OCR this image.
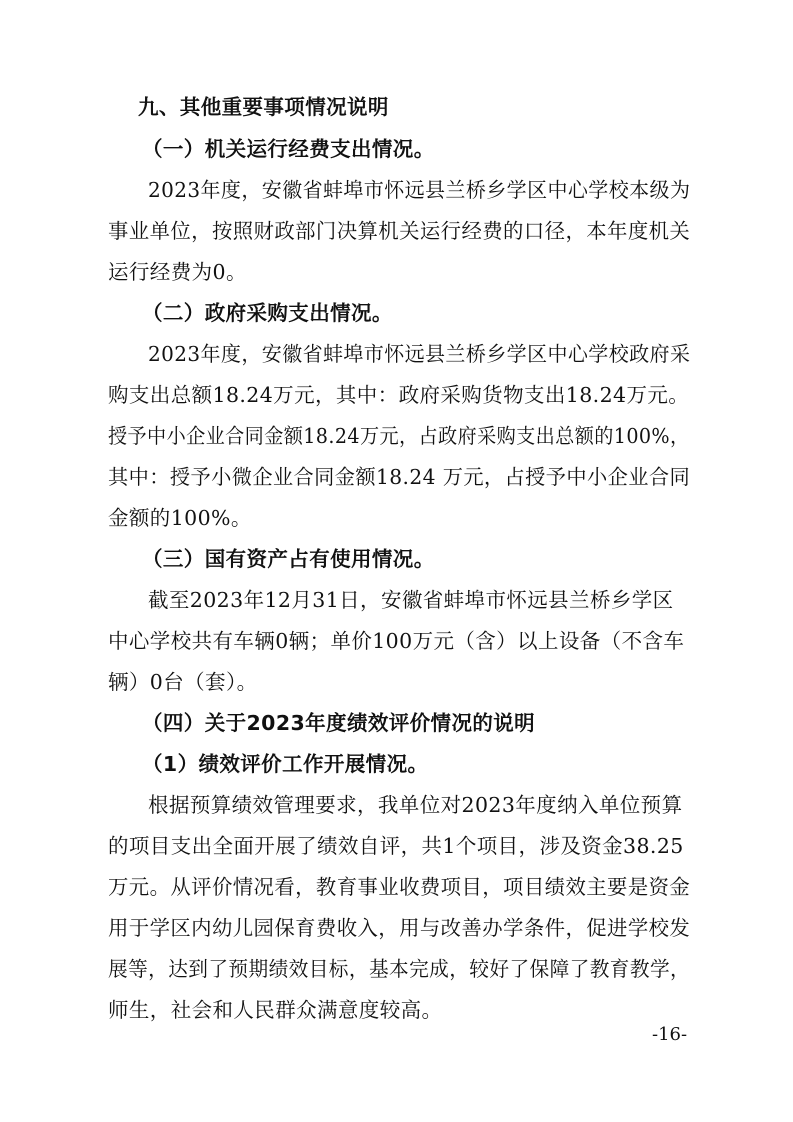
九、其他重要事项情况说明
（一）机关运行经费支出情况。
2023年度，安徽省蚌埠市怀远县兰桥乡学区中心学校本级为
事业单位，按照财政部门决算机关运行经费的口径，本年度机关
运行经费为0。
（二）政府采购支出情况。
2023年度，安徽省蚌埠市怀远县兰桥乡学区中心学校政府采
购支出总额18.24万元，其中：政府采购货物支出18.24万元。
授予中小企业合同金额18.24万元，占政府采购支出总额的100%，
其中：授予小微企业合同金额18.24 万元，占授予中小企业合同
金额的100%。
（三）国有资产占有使用情况。
截至2023年12月31日，安徽省蚌埠市怀远县兰桥乡学区
中心学校共有车辆0辆；单价100万元（含）以上设备（不含车
辆）0台（套）。
（四）关于2023年度绩效评价情况的说明
（1）绩效评价工作开展情况。
根据预算绩效管理要求，我单位对2023年度纳入单位预算
的项目支出全面开展了绩效自评，共1个项目，涉及资金38.25
万元。从评价情况看，教育事业收费项目，项目绩效主要是资金
用于学区内幼儿园保育费收入，用与改善办学条件，促进学校发
展等，达到了预期绩效目标，基本完成，较好了保障了教育教学，
师生，社会和人民群众满意度较高。
-16-
